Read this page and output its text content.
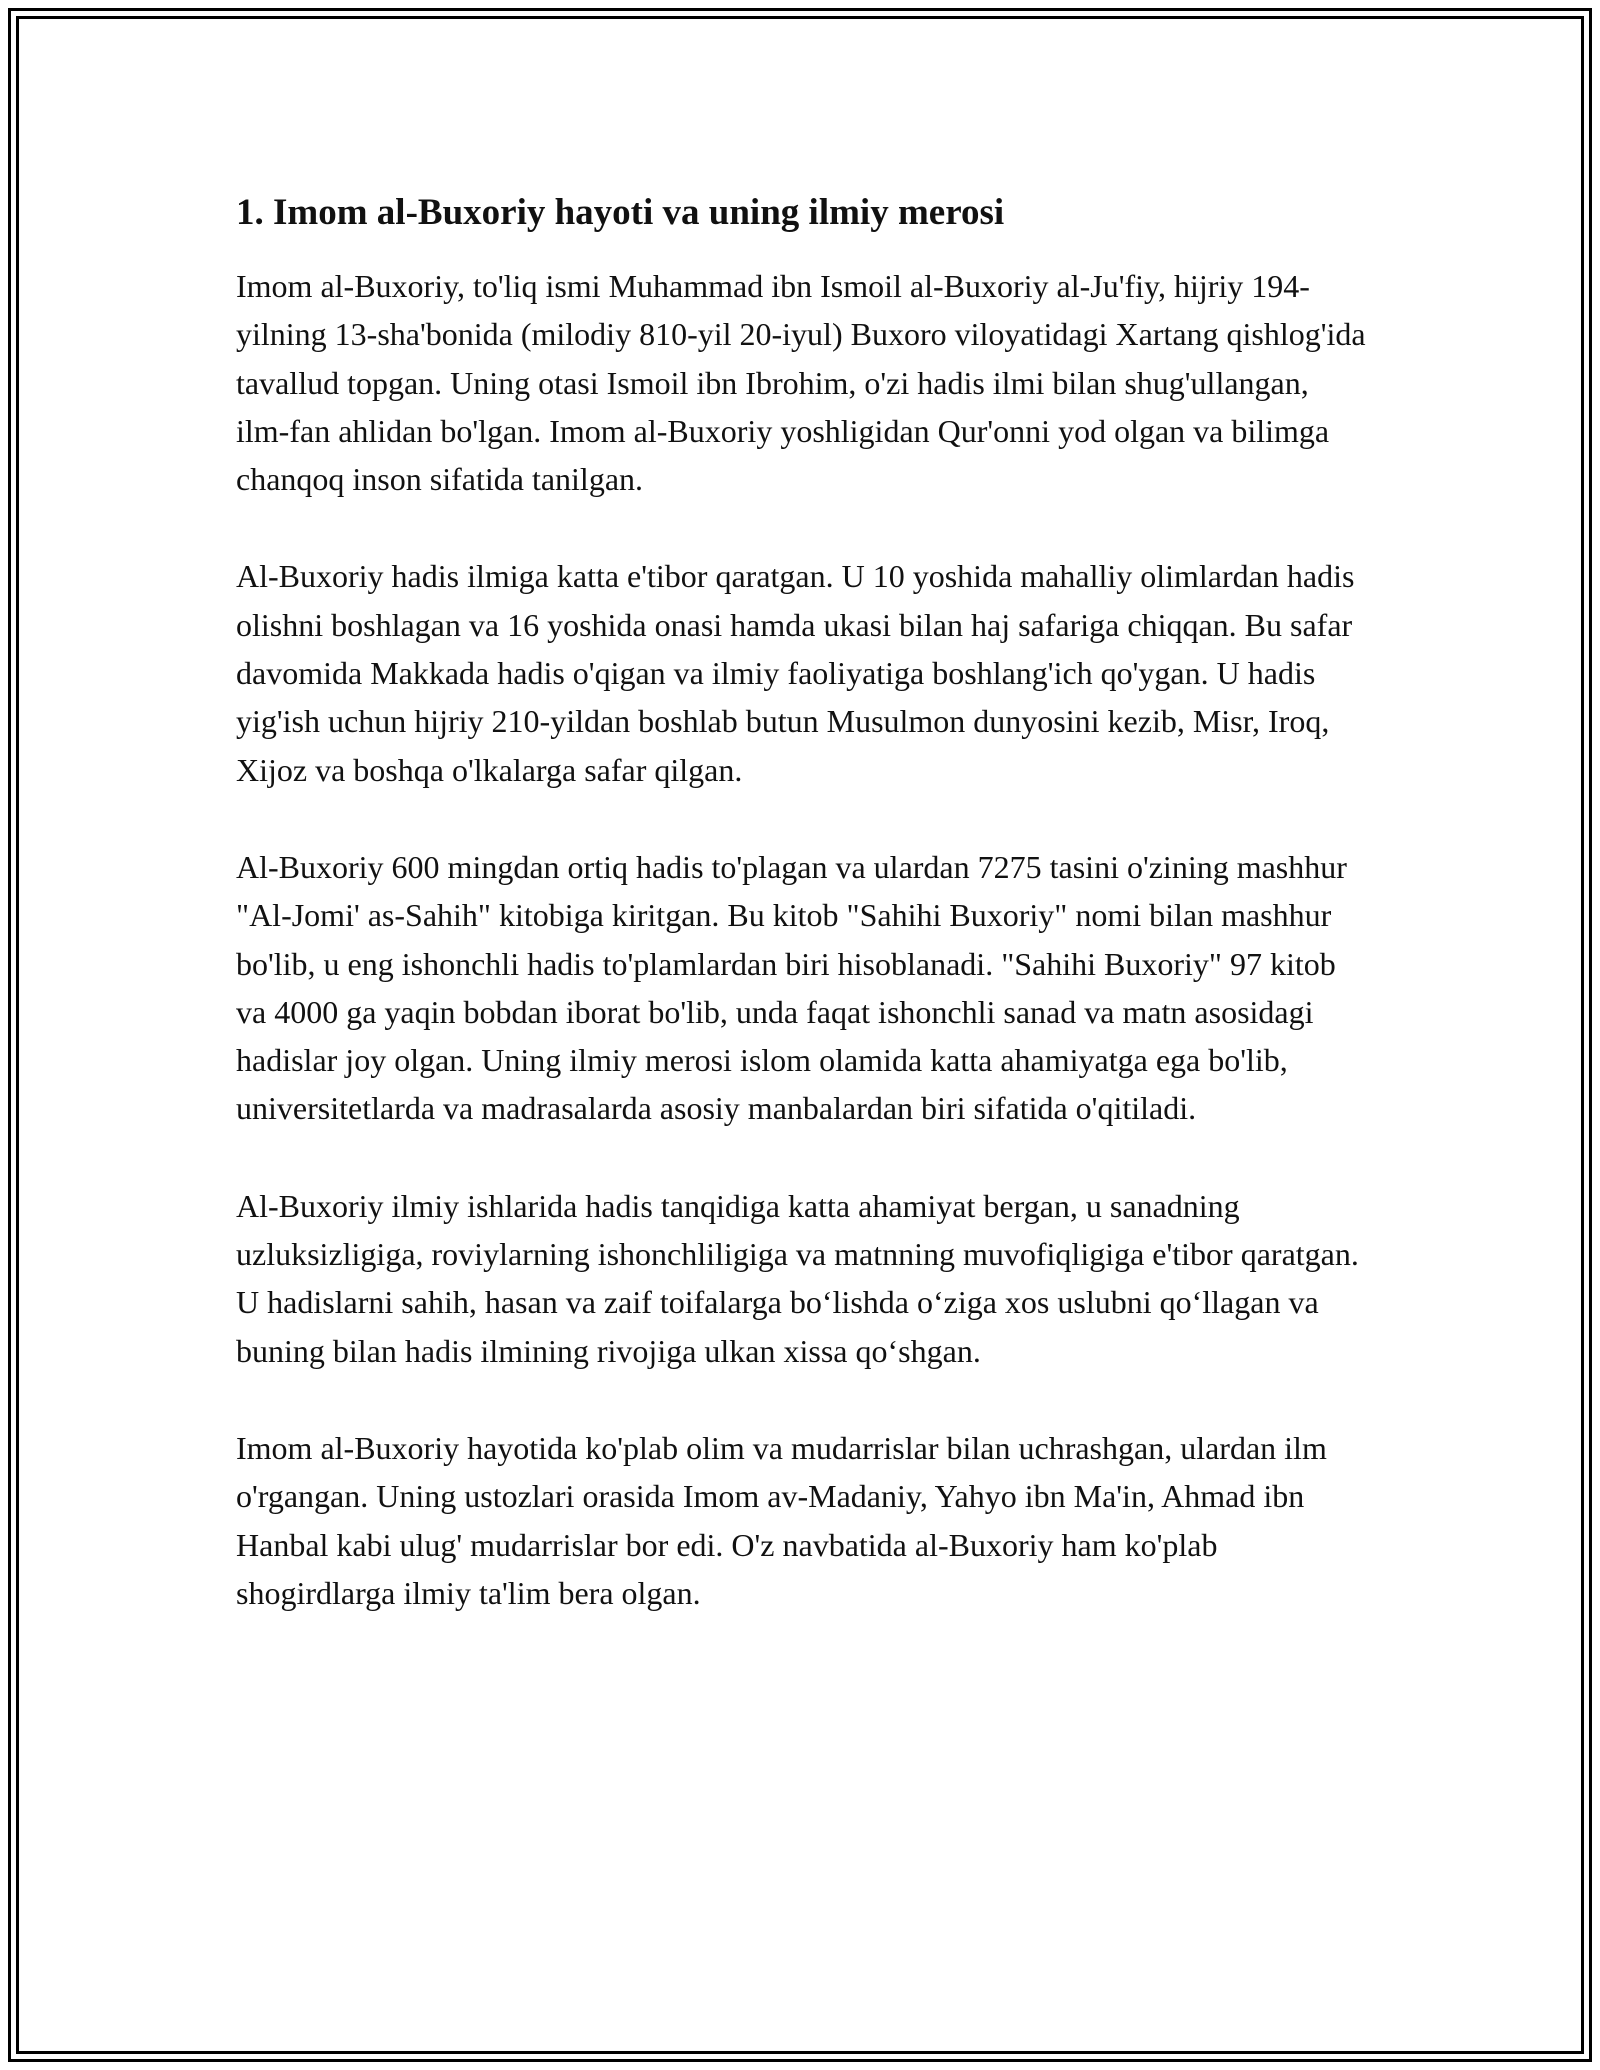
1. Imom al-Buxoriy hayoti va uning ilmiy merosi

Imom al-Buxoriy, to'liq ismi Muhammad ibn Ismoil al-Buxoriy al-Ju'fiy, hijriy 194-yilning 13-sha'bonida (milodiy 810-yil 20-iyul) Buxoro viloyatidagi Xartang qishlog'ida tavallud topgan. Uning otasi Ismoil ibn Ibrohim, o'zi hadis ilmi bilan shug'ullangan, ilm-fan ahlidan bo'lgan. Imom al-Buxoriy yoshligidan Qur'onni yod olgan va bilimga chanqoq inson sifatida tanilgan.

Al-Buxoriy hadis ilmiga katta e'tibor qaratgan. U 10 yoshida mahalliy olimlardan hadis olishni boshlagan va 16 yoshida onasi hamda ukasi bilan haj safariga chiqqan. Bu safar davomida Makkada hadis o'qigan va ilmiy faoliyatiga boshlang'ich qo'ygan. U hadis yig'ish uchun hijriy 210-yildan boshlab butun Musulmon dunyosini kezib, Misr, Iroq, Xijoz va boshqa o'lkalarga safar qilgan.

Al-Buxoriy 600 mingdan ortiq hadis to'plagan va ulardan 7275 tasini o'zining mashhur "Al-Jomi' as-Sahih" kitobiga kiritgan. Bu kitob "Sahihi Buxoriy" nomi bilan mashhur bo'lib, u eng ishonchli hadis to'plamlardan biri hisoblanadi. "Sahihi Buxoriy" 97 kitob va 4000 ga yaqin bobdan iborat bo'lib, unda faqat ishonchli sanad va matn asosidagi hadislar joy olgan. Uning ilmiy merosi islom olamida katta ahamiyatga ega bo'lib, universitetlarda va madrasalarda asosiy manbalardan biri sifatida o'qitiladi.

Al-Buxoriy ilmiy ishlarida hadis tanqidiga katta ahamiyat bergan, u sanadning uzluksizligiga, roviylarning ishonchliligiga va matnning muvofiqligiga e'tibor qaratgan. U hadislarni sahih, hasan va zaif toifalarga bo‘lishda o‘ziga xos uslubni qo‘llagan va buning bilan hadis ilmining rivojiga ulkan xissa qo‘shgan.

Imom al-Buxoriy hayotida ko'plab olim va mudarrislar bilan uchrashgan, ulardan ilm o'rgangan. Uning ustozlari orasida Imom av-Madaniy, Yahyo ibn Ma'in, Ahmad ibn Hanbal kabi ulug' mudarrislar bor edi. O'z navbatida al-Buxoriy ham ko'plab shogirdlarga ilmiy ta'lim bera olgan.
